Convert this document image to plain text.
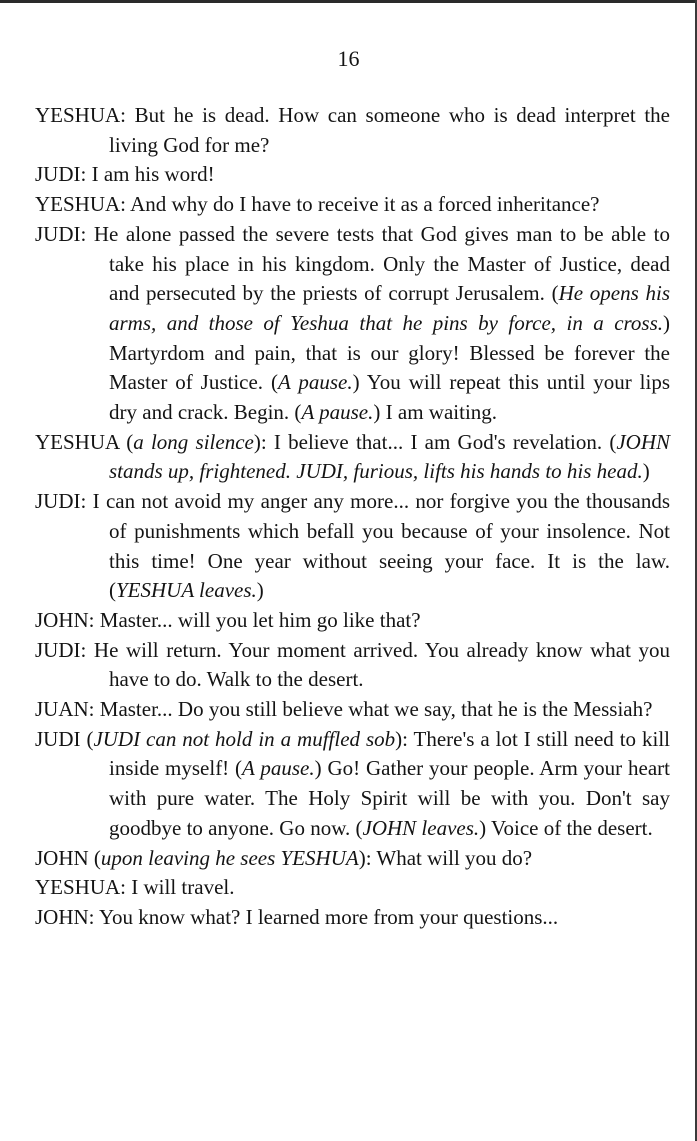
16

YESHUA: But he is dead. How can someone who is dead interpret the living God for me?

JUDI: I am his word!

YESHUA: And why do I have to receive it as a forced inheritance?

JUDI: He alone passed the severe tests that God gives man to be able to take his place in his kingdom. Only the Master of Justice, dead and persecuted by the priests of corrupt Jerusalem. (He opens his arms, and those of Yeshua that he pins by force, in a cross.) Martyrdom and pain, that is our glory! Blessed be forever the Master of Justice. (A pause.) You will repeat this until your lips dry and crack. Begin. (A pause.) I am waiting.

YESHUA (a long silence): I believe that... I am God's revelation. (JOHN stands up, frightened. JUDI, furious, lifts his hands to his head.)

JUDI: I can not avoid my anger any more... nor forgive you the thousands of punishments which befall you because of your insolence. Not this time! One year without seeing your face. It is the law. (YESHUA leaves.)

JOHN: Master... will you let him go like that?

JUDI: He will return. Your moment arrived. You already know what you have to do. Walk to the desert.

JUAN: Master... Do you still believe what we say, that he is the Messiah?

JUDI (JUDI can not hold in a muffled sob): There's a lot I still need to kill inside myself! (A pause.) Go! Gather your people. Arm your heart with pure water. The Holy Spirit will be with you. Don't say goodbye to anyone. Go now. (JOHN leaves.) Voice of the desert.

JOHN (upon leaving he sees YESHUA): What will you do?

YESHUA: I will travel.

JOHN: You know what? I learned more from your questions...
